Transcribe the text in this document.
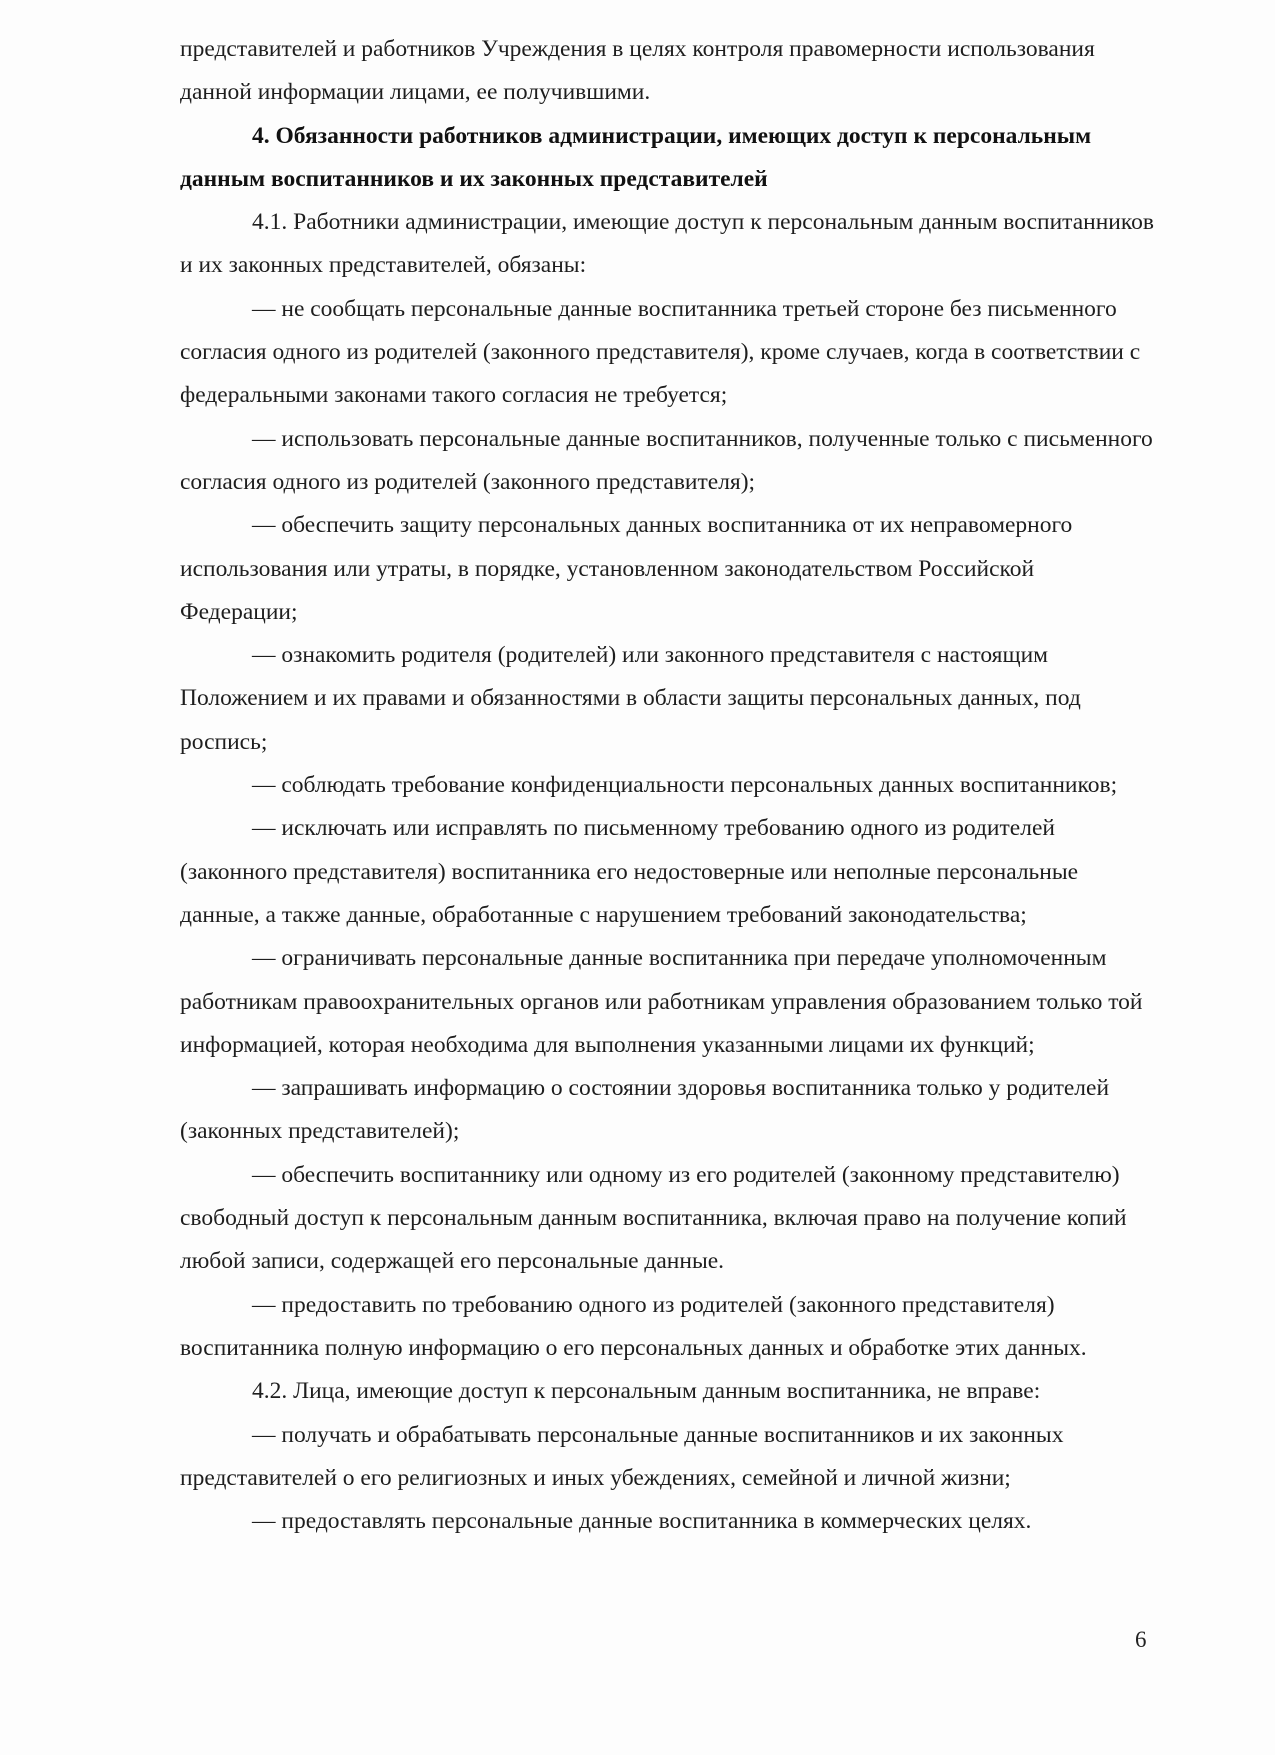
представителей и работников Учреждения в целях контроля правомерности использования данной информации лицами, ее получившими.

4. Обязанности работников администрации, имеющих доступ к персональным данным воспитанников и их законных представителей

4.1. Работники администрации, имеющие доступ к персональным данным воспитанников и их законных представителей, обязаны:

— не сообщать персональные данные воспитанника третьей стороне без письменного согласия одного из родителей (законного представителя), кроме случаев, когда в соответствии с федеральными законами такого согласия не требуется;

— использовать персональные данные воспитанников, полученные только с письменного согласия одного из родителей (законного представителя);

— обеспечить защиту персональных данных воспитанника от их неправомерного использования или утраты, в порядке, установленном законодательством Российской Федерации;

— ознакомить родителя (родителей) или законного представителя с настоящим Положением и их правами и обязанностями в области защиты персональных данных, под роспись;

— соблюдать требование конфиденциальности персональных данных воспитанников;

— исключать или исправлять по письменному требованию одного из родителей (законного представителя) воспитанника его недостоверные или неполные персональные данные, а также данные, обработанные с нарушением требований законодательства;

— ограничивать персональные данные воспитанника при передаче уполномоченным работникам правоохранительных органов или работникам управления образованием только той информацией, которая необходима для выполнения указанными лицами их функций;

— запрашивать информацию о состоянии здоровья воспитанника только у родителей (законных представителей);

— обеспечить воспитаннику или одному из его родителей (законному представителю) свободный доступ к персональным данным воспитанника, включая право на получение копий любой записи, содержащей его персональные данные.

— предоставить по требованию одного из родителей (законного представителя) воспитанника полную информацию о его персональных данных и обработке этих данных.

4.2. Лица, имеющие доступ к персональным данным воспитанника, не вправе:

— получать и обрабатывать персональные данные воспитанников и их законных представителей о его религиозных и иных убеждениях, семейной и личной жизни;

— предоставлять персональные данные воспитанника в коммерческих целях.

6
